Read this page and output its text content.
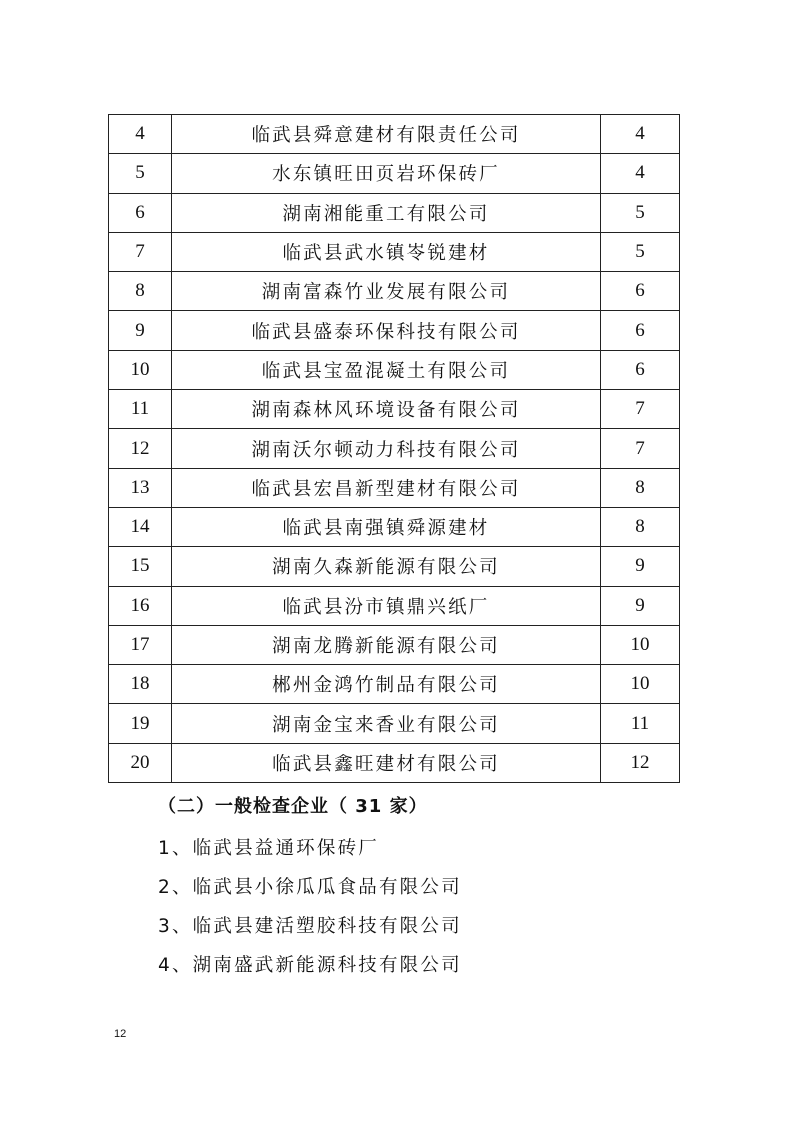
4	临武县舜意建材有限责任公司	4
5	水东镇旺田页岩环保砖厂	4
6	湖南湘能重工有限公司	5
7	临武县武水镇岺锐建材	5
8	湖南富森竹业发展有限公司	6
9	临武县盛泰环保科技有限公司	6
10	临武县宝盈混凝土有限公司	6
11	湖南森林风环境设备有限公司	7
12	湖南沃尔顿动力科技有限公司	7
13	临武县宏昌新型建材有限公司	8
14	临武县南强镇舜源建材	8
15	湖南久森新能源有限公司	9
16	临武县汾市镇鼎兴纸厂	9
17	湖南龙腾新能源有限公司	10
18	郴州金鸿竹制品有限公司	10
19	湖南金宝来香业有限公司	11
20	临武县鑫旺建材有限公司	12
（二）一般检查企业（ 31 家）
1、临武县益通环保砖厂
2、临武县小徐瓜瓜食品有限公司
3、临武县建活塑胶科技有限公司
4、湖南盛武新能源科技有限公司
12
